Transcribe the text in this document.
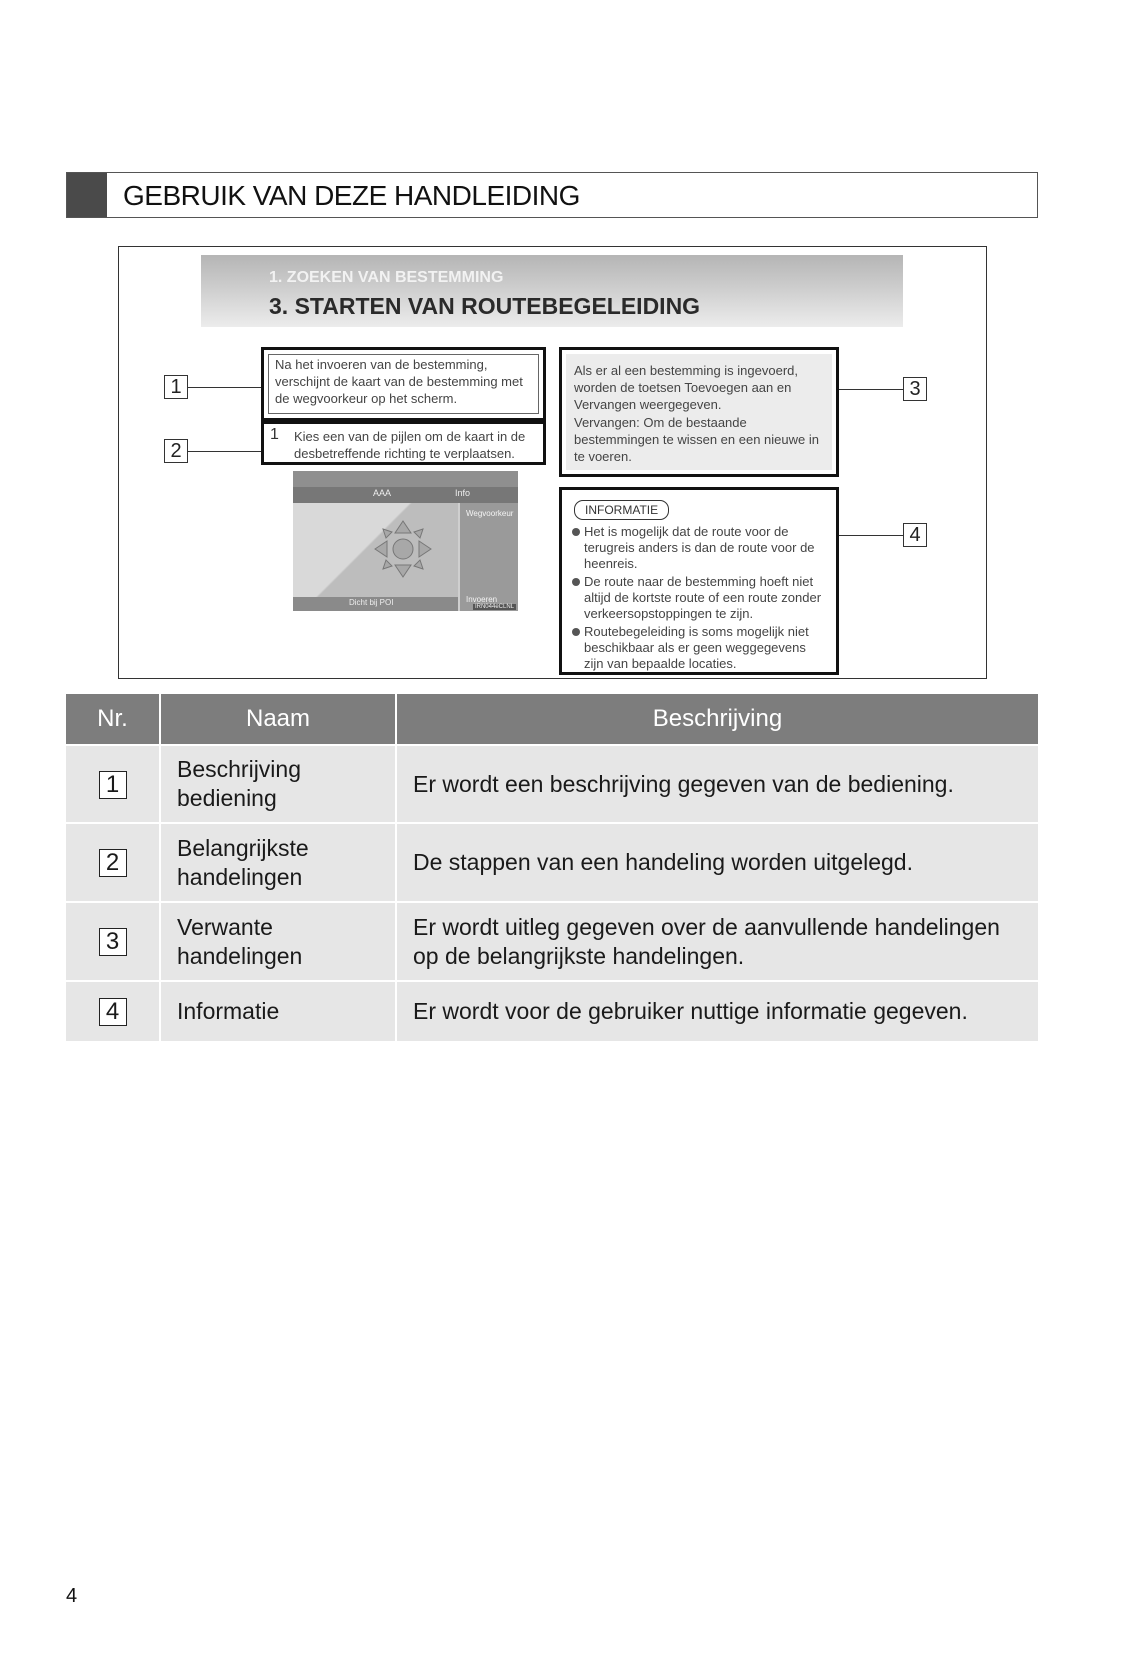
GEBRUIK VAN DEZE HANDLEIDING
1. ZOEKEN VAN BESTEMMING
3. STARTEN VAN ROUTEBEGELEIDING
Na het invoeren van de bestemming, verschijnt de kaart van de bestemming met de wegvoorkeur op het scherm.
1 Kies een van de pijlen om de kaart in de desbetreffende richting te verplaatsen.
AAA	Info
Wegvoorkeur
Invoeren
Dicht bij POI	IRN044eCLNL
Als er al een bestemming is ingevoerd, worden de toetsen Toevoegen aan en Vervangen weergegeven.
Vervangen: Om de bestaande bestemmingen te wissen en een nieuwe in te voeren.
INFORMATIE
Het is mogelijk dat de route voor de terugreis anders is dan de route voor de heenreis.
De route naar de bestemming hoeft niet altijd de kortste route of een route zonder verkeersopstoppingen te zijn.
Routebegeleiding is soms mogelijk niet beschikbaar als er geen weggegevens zijn van bepaalde locaties.
1
2
3
4
Nr.	Naam	Beschrijving
1	Beschrijving bediening	Er wordt een beschrijving gegeven van de bediening.
2	Belangrijkste handelingen	De stappen van een handeling worden uitgelegd.
3	Verwante handelingen	Er wordt uitleg gegeven over de aanvullende handelingen op de belangrijkste handelingen.
4	Informatie	Er wordt voor de gebruiker nuttige informatie gegeven.
4
